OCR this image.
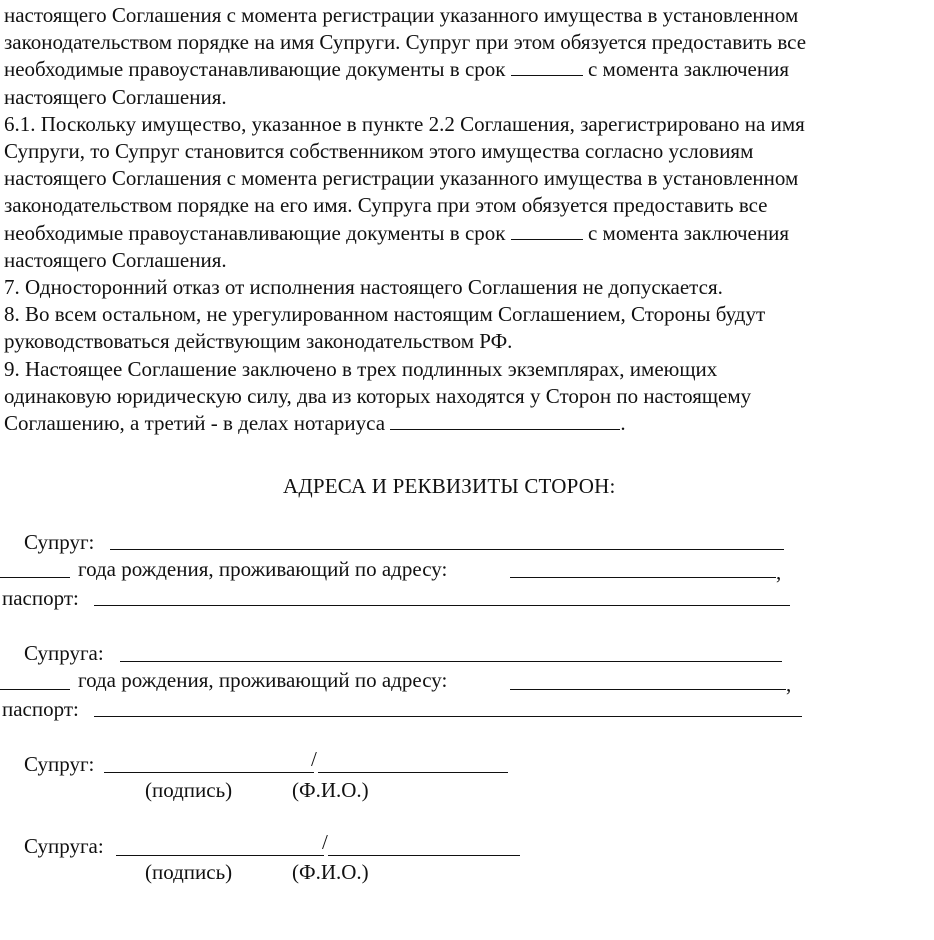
настоящего Соглашения с момента регистрации указанного имущества в установленном
законодательством порядке на имя Супруги. Супруг при этом обязуется предоставить все
необходимые правоустанавливающие документы в срок	с момента заключения
настоящего Соглашения.
6.1. Поскольку имущество, указанное в пункте 2.2 Соглашения, зарегистрировано на имя
Супруги, то Супруг становится собственником этого имущества согласно условиям
настоящего Соглашения с момента регистрации указанного имущества в установленном
законодательством порядке на его имя. Супруга при этом обязуется предоставить все
необходимые правоустанавливающие документы в срок	с момента заключения
настоящего Соглашения.
7. Односторонний отказ от исполнения настоящего Соглашения не допускается.
8. Во всем остальном, не урегулированном настоящим Соглашением, Стороны будут
руководствоваться действующим законодательством РФ.
9. Настоящее Соглашение заключено в трех подлинных экземплярах, имеющих
одинаковую юридическую силу, два из которых находятся у Сторон по настоящему
Соглашению, а третий - в делах нотариуса	.
АДРЕСА И РЕКВИЗИТЫ СТОРОН:
Супруг:
года рождения, проживающий по адресу:	,
паспорт:
Супруга:
года рождения, проживающий по адресу:	,
паспорт:
Супруг:	/
(подпись)	(Ф.И.О.)
Супруга:	/
(подпись)	(Ф.И.О.)
